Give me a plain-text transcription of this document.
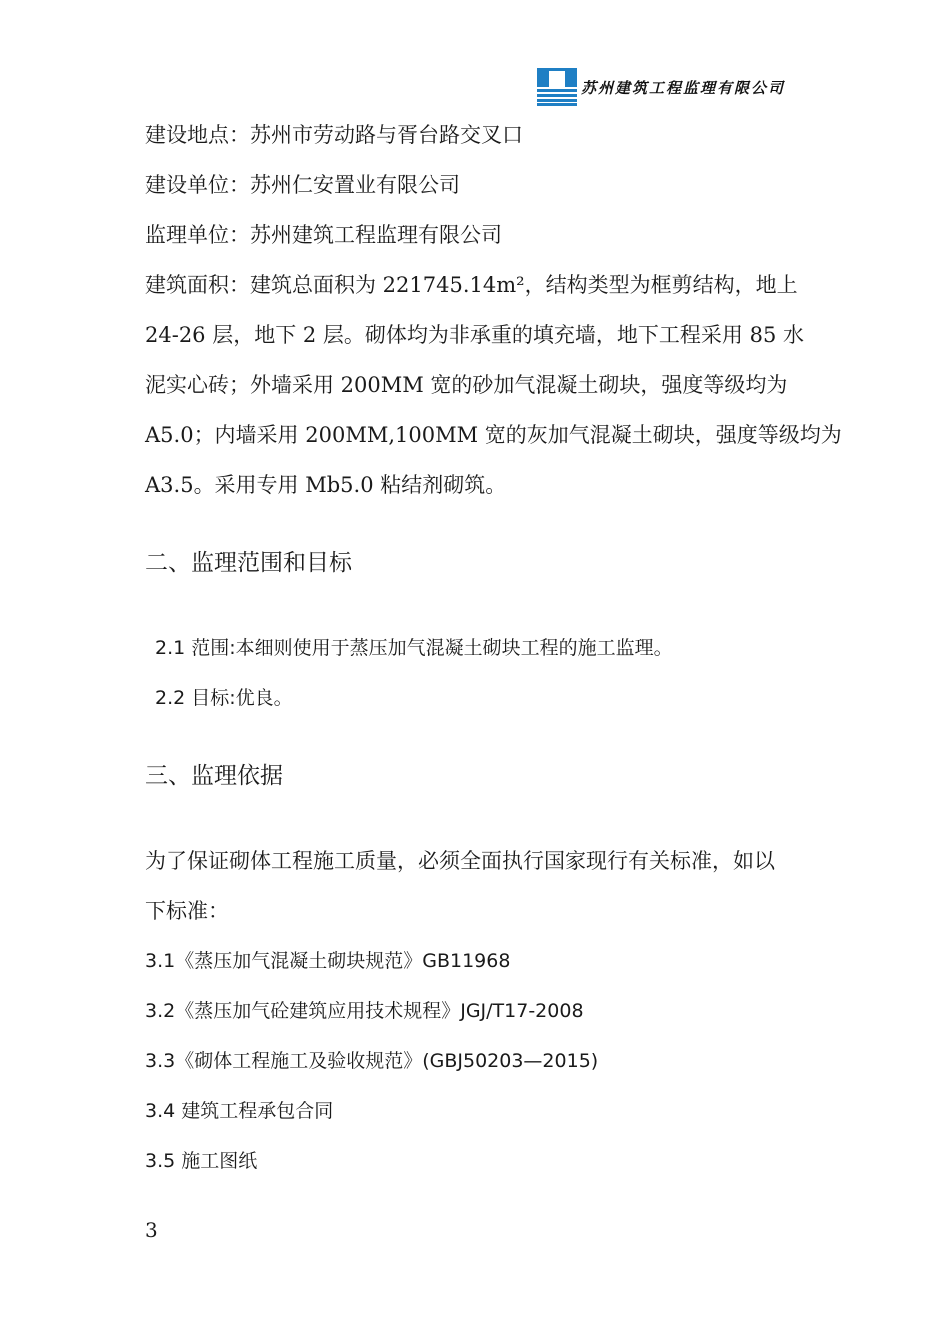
苏州建筑工程监理有限公司
建设地点：苏州市劳动路与胥台路交叉口
建设单位：苏州仁安置业有限公司
监理单位：苏州建筑工程监理有限公司
建筑面积：建筑总面积为 221745.14m²，结构类型为框剪结构，地上
24-26 层，地下 2 层。砌体均为非承重的填充墙，地下工程采用 85 水
泥实心砖；外墙采用 200MM 宽的砂加气混凝土砌块，强度等级均为
A5.0；内墙采用 200MM,100MM 宽的灰加气混凝土砌块，强度等级均为
A3.5。采用专用 Mb5.0 粘结剂砌筑。
二、监理范围和目标
2.1 范围:本细则使用于蒸压加气混凝土砌块工程的施工监理。
2.2 目标:优良。
三、监理依据
为了保证砌体工程施工质量，必须全面执行国家现行有关标准，如以
下标准：
3.1《蒸压加气混凝土砌块规范》GB11968
3.2《蒸压加气砼建筑应用技术规程》JGJ/T17-2008
3.3《砌体工程施工及验收规范》(GBJ50203—2015)
3.4 建筑工程承包合同
3.5 施工图纸
3
